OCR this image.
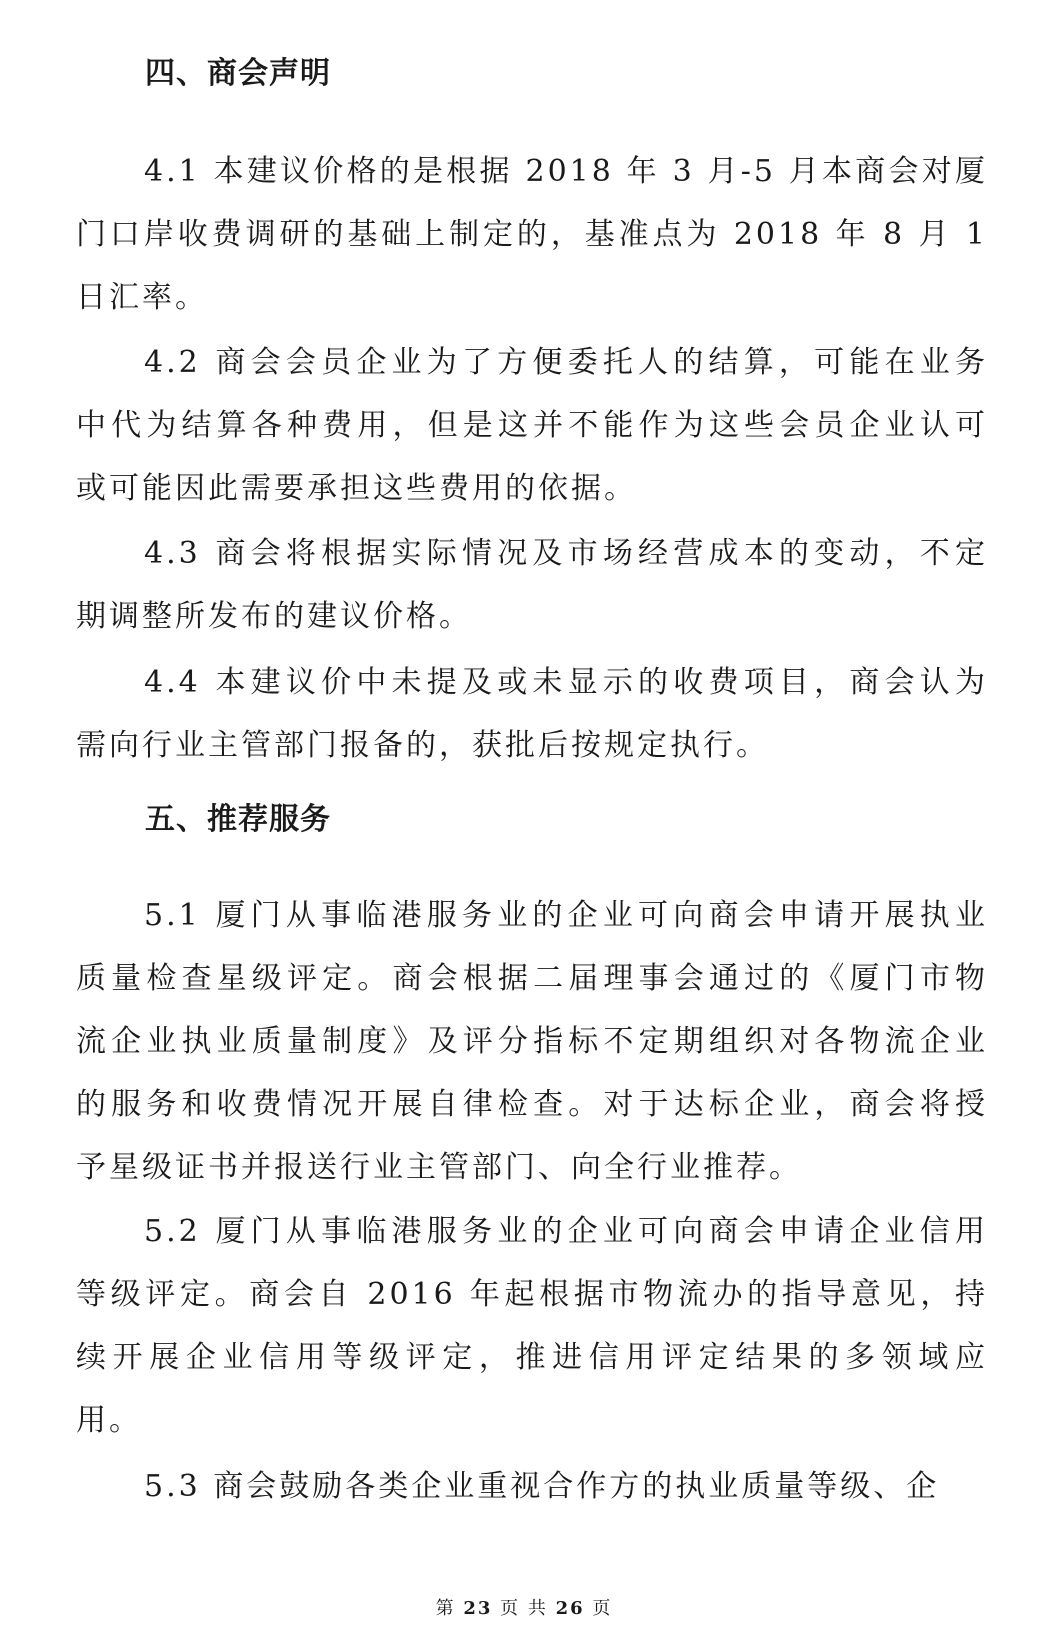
四、商会声明
4.1 本建议价格的是根据 2018 年 3 月-5 月本商会对厦
门口岸收费调研的基础上制定的，基准点为 2018 年 8 月 1
日汇率。
4.2 商会会员企业为了方便委托人的结算，可能在业务
中代为结算各种费用，但是这并不能作为这些会员企业认可
或可能因此需要承担这些费用的依据。
4.3 商会将根据实际情况及市场经营成本的变动，不定
期调整所发布的建议价格。
4.4 本建议价中未提及或未显示的收费项目，商会认为
需向行业主管部门报备的，获批后按规定执行。
五、推荐服务
5.1 厦门从事临港服务业的企业可向商会申请开展执业
质量检查星级评定。商会根据二届理事会通过的《厦门市物
流企业执业质量制度》及评分指标不定期组织对各物流企业
的服务和收费情况开展自律检查。对于达标企业，商会将授
予星级证书并报送行业主管部门、向全行业推荐。
5.2 厦门从事临港服务业的企业可向商会申请企业信用
等级评定。商会自 2016 年起根据市物流办的指导意见，持
续开展企业信用等级评定，推进信用评定结果的多领域应
用。
5.3 商会鼓励各类企业重视合作方的执业质量等级、企
第 23 页 共 26 页
